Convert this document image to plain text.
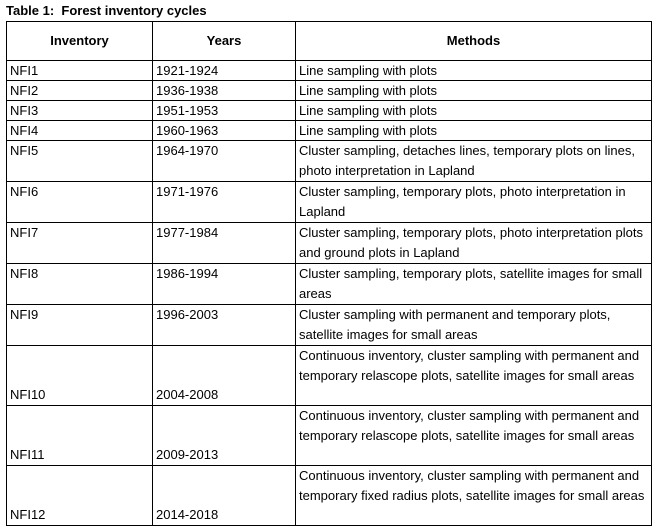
Table 1:  Forest inventory cycles
Inventory	Years	Methods
NFI1	1921-1924	Line sampling with plots
NFI2	1936-1938	Line sampling with plots
NFI3	1951-1953	Line sampling with plots
NFI4	1960-1963	Line sampling with plots
NFI5	1964-1970	Cluster sampling, detaches lines, temporary plots on lines, photo interpretation in Lapland
NFI6	1971-1976	Cluster sampling, temporary plots, photo interpretation in Lapland
NFI7	1977-1984	Cluster sampling, temporary plots, photo interpretation plots and ground plots in Lapland
NFI8	1986-1994	Cluster sampling, temporary plots, satellite images for small areas
NFI9	1996-2003	Cluster sampling with permanent and temporary plots, satellite images for small areas
NFI10	2004-2008	Continuous inventory, cluster sampling with permanent and temporary relascope plots, satellite images for small areas
NFI11	2009-2013	Continuous inventory, cluster sampling with permanent and temporary relascope plots, satellite images for small areas
NFI12	2014-2018	Continuous inventory, cluster sampling with permanent and temporary fixed radius plots, satellite images for small areas
